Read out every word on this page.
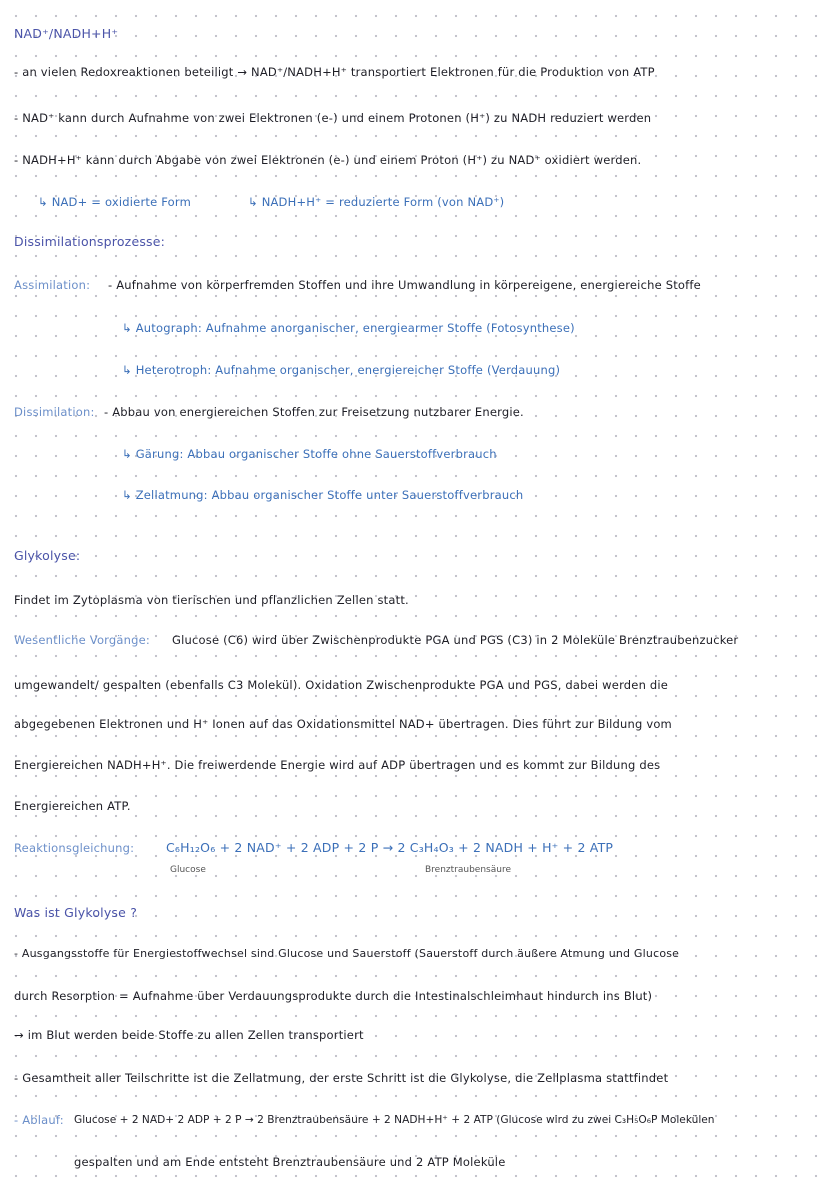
NAD⁺/NADH+H⁺
- an vielen Redoxreaktionen beteiligt → NAD⁺/NADH+H⁺ transportiert Elektronen für die Produktion von ATP
- NAD⁺ kann durch Aufnahme von zwei Elektronen (e-) und einem Protonen (H⁺) zu NADH reduziert werden
- NADH+H⁺ kann durch Abgabe von zwei Elektronen (e-) und einem Proton (H⁺) zu NAD⁺ oxidiert werden.
↳ NAD+ = oxidierte Form	↳ NADH+H⁺ = reduzierte Form (von NAD⁺)
Dissimilationsprozesse:
Assimilation: - Aufnahme von körperfremden Stoffen und ihre Umwandlung in körpereigene, energiereiche Stoffe
↳ Autograph: Aufnahme anorganischer, energiearmer Stoffe (Fotosynthese)
↳ Heterotroph: Aufnahme organischer, energiereicher Stoffe (Verdauung)
Dissimilation: - Abbau von energiereichen Stoffen zur Freisetzung nutzbarer Energie.
↳ Gärung: Abbau organischer Stoffe ohne Sauerstoffverbrauch
↳ Zellatmung: Abbau organischer Stoffe unter Sauerstoffverbrauch
Glykolyse:
Findet im Zytoplasma von tierischen und pflanzlichen Zellen statt.
Wesentliche Vorgänge: Glucose (C6) wird über Zwischenprodukte PGA und PGS (C3) in 2 Moleküle Brenztraubenzucker
umgewandelt/ gespalten (ebenfalls C3 Molekül). Oxidation Zwischenprodukte PGA und PGS, dabei werden die
abgegebenen Elektronen und H⁺ Ionen auf das Oxidationsmittel NAD+ übertragen. Dies führt zur Bildung vom
Energiereichen NADH+H⁺. Die freiwerdende Energie wird auf ADP übertragen und es kommt zur Bildung des
Energiereichen ATP.
Reaktionsgleichung:	C₆H₁₂O₆ + 2 NAD⁺ + 2 ADP + 2 P → 2 C₃H₄O₃ + 2 NADH + H⁺ + 2 ATP
Glucose	Brenztraubensäure
Was ist Glykolyse ?
- Ausgangsstoffe für Energiestoffwechsel sind Glucose und Sauerstoff (Sauerstoff durch äußere Atmung und Glucose
durch Resorption = Aufnahme über Verdauungsprodukte durch die Intestinalschleimhaut hindurch ins Blut)
→ im Blut werden beide Stoffe zu allen Zellen transportiert
- Gesamtheit aller Teilschritte ist die Zellatmung, der erste Schritt ist die Glykolyse, die Zellplasma stattfindet
- Ablauf: Glucose + 2 NAD+ 2 ADP + 2 P → 2 Brenztraubensäure + 2 NADH+H⁺ + 2 ATP (Glucose wird zu zwei C₃H₅O₆P Molekülen
gespalten und am Ende entsteht Brenztraubensäure und 2 ATP Moleküle
